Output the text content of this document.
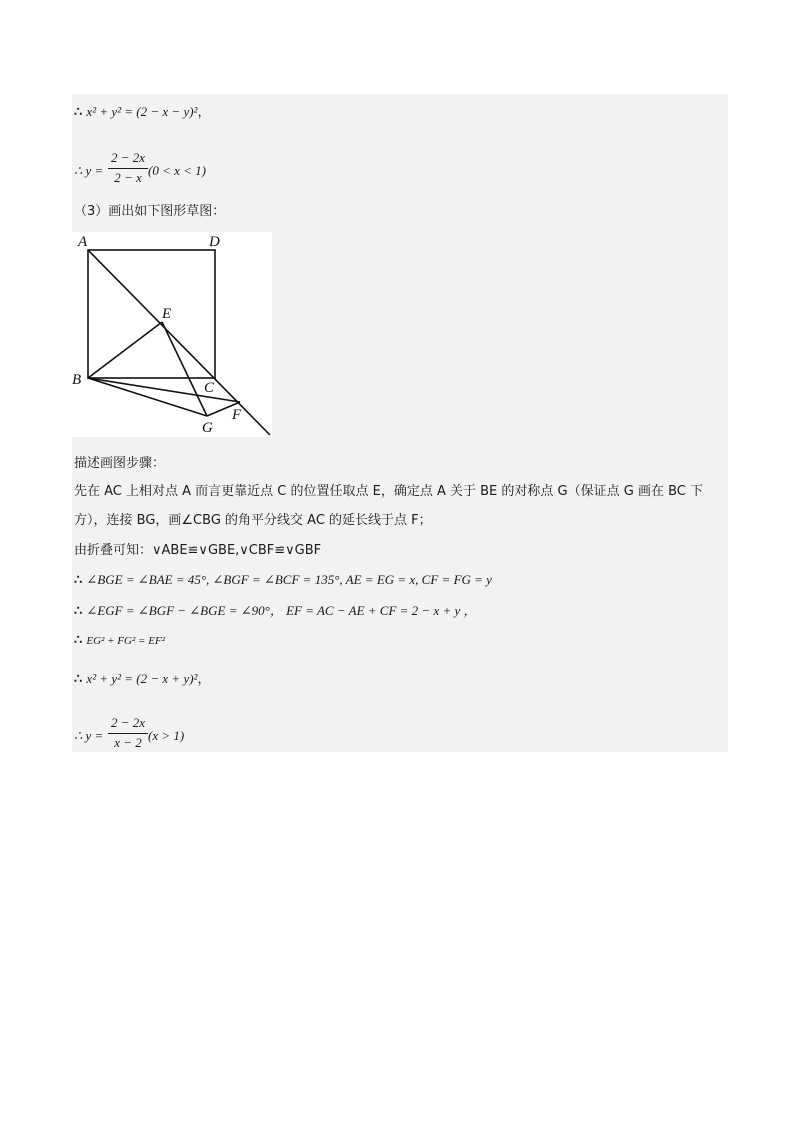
∴ x² + y² = (2 − x − y)²，
∴ y =
2 − 2x
2 − x (0 < x < 1)
（3）画出如下图形草图：
A	D
E
B	C
F
G
描述画图步骤：
先在 AC 上相对点 A 而言更靠近点 C 的位置任取点 E，确定点 A 关于 BE 的对称点 G（保证点 G 画在 BC 下
方），连接 BG，画∠CBG 的角平分线交 AC 的延长线于点 F；
由折叠可知：∨ABE≌∨GBE,∨CBF≌∨GBF
∴ ∠BGE = ∠BAE = 45°, ∠BGF = ∠BCF = 135°, AE = EG = x, CF = FG = y
∴ ∠EGF = ∠BGF − ∠BGE = ∠90°， EF = AC − AE + CF = 2 − x + y ，
∴ EG² + FG² = EF²
∴ x² + y² = (2 − x + y)²，
∴ y =
2 − 2x
x − 2 (x > 1)
